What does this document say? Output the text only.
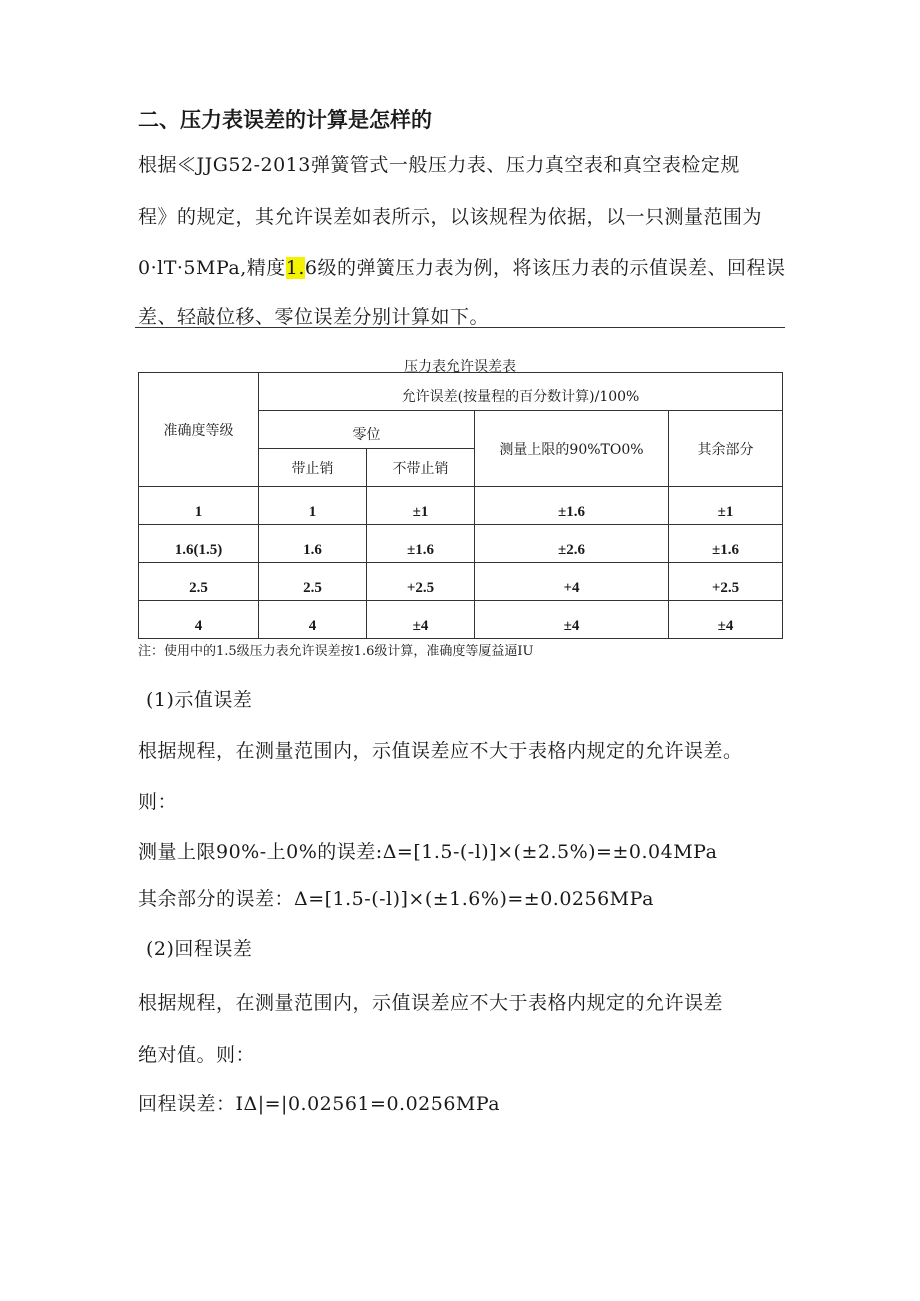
二、压力表误差的计算是怎样的
根据≪JJG52-2013弹簧管式一般压力表、压力真空表和真空表检定规
程》的规定，其允许误差如表所示，以该规程为依据，以一只测量范围为
0·lT·5MPa,精度1.6级的弹簧压力表为例，将该压力表的示值误差、回程误
差、轻敲位移、零位误差分别计算如下。
压力表允许误差表
准确度等级	允许误差(按量程的百分数计算)/100%			
	零位		测量上限的90%TO0%	其余部分
	带止销	不带止销		
1	1	±1	±1.6	±1
1.6(1.5)	1.6	±1.6	±2.6	±1.6
2.5	2.5	+2.5	+4	+2.5
4	4	±4	±4	±4
注：使用中的1.5级压力表允许误差按1.6级计算，准确度等厦益逼IU
(1)示值误差
根据规程，在测量范围内，示值误差应不大于表格内规定的允许误差。
则：
测量上限90%-上0%的误差:Δ=[1.5-(-l)]×(±2.5%)=±0.04MPa
其余部分的误差：Δ=[1.5-(-l)]×(±1.6%)=±0.0256MPa
(2)回程误差
根据规程，在测量范围内，示值误差应不大于表格内规定的允许误差
绝对值。则：
回程误差：IΔ|=|0.02561=0.0256MPa
